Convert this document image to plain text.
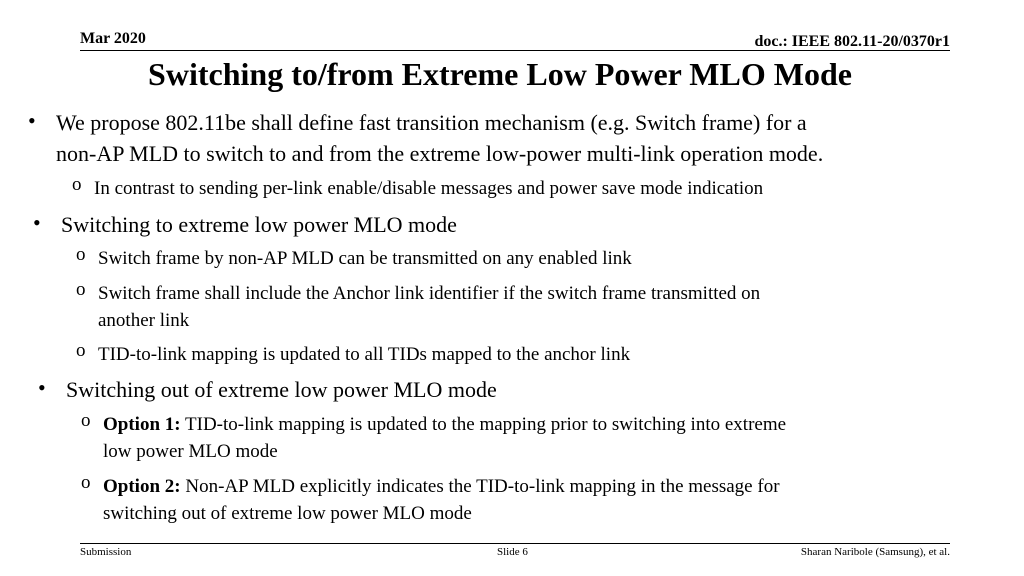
Mar 2020	doc.: IEEE 802.11-20/0370r1
Switching to/from Extreme Low Power MLO Mode
• We propose 802.11be shall define fast transition mechanism (e.g. Switch frame) for a
non-AP MLD to switch to and from the extreme low-power multi-link operation mode.
o In contrast to sending per-link enable/disable messages and power save mode indication
• Switching to extreme low power MLO mode
o Switch frame by non-AP MLD can be transmitted on any enabled link
o Switch frame shall include the Anchor link identifier if the switch frame transmitted on
another link
o TID-to-link mapping is updated to all TIDs mapped to the anchor link
• Switching out of extreme low power MLO mode
o Option 1: TID-to-link mapping is updated to the mapping prior to switching into extreme
low power MLO mode
o Option 2: Non-AP MLD explicitly indicates the TID-to-link mapping in the message for
switching out of extreme low power MLO mode
Submission	Slide 6	Sharan Naribole (Samsung), et al.
